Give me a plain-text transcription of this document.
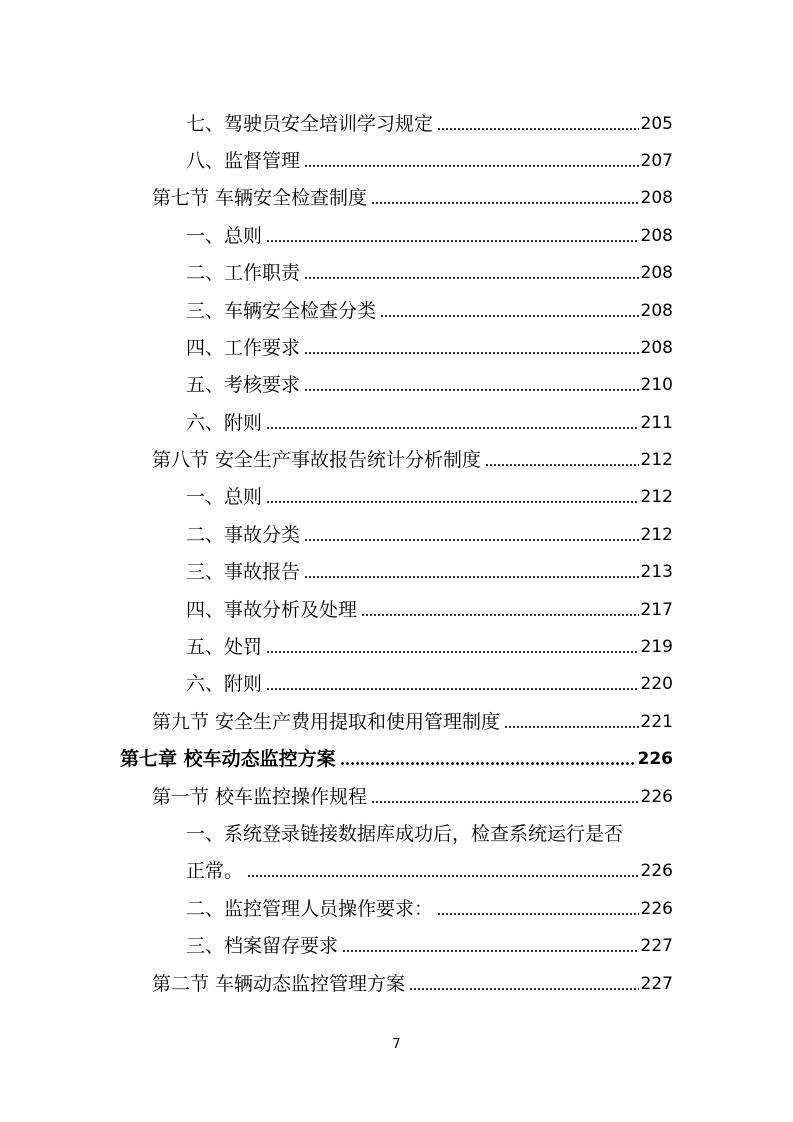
七、驾驶员安全培训学习规定	205
八、监督管理	207
第七节 车辆安全检查制度	208
一、总则	208
二、工作职责	208
三、车辆安全检查分类	208
四、工作要求	208
五、考核要求	210
六、附则	211
第八节 安全生产事故报告统计分析制度	212
一、总则	212
二、事故分类	212
三、事故报告	213
四、事故分析及处理	217
五、处罚	219
六、附则	220
第九节 安全生产费用提取和使用管理制度	221
第七章 校车动态监控方案	226
第一节 校车监控操作规程	226
一、系统登录链接数据库成功后，检查系统运行是否
正常。	226
二、监控管理人员操作要求：	226
三、档案留存要求	227
第二节 车辆动态监控管理方案	227
7
